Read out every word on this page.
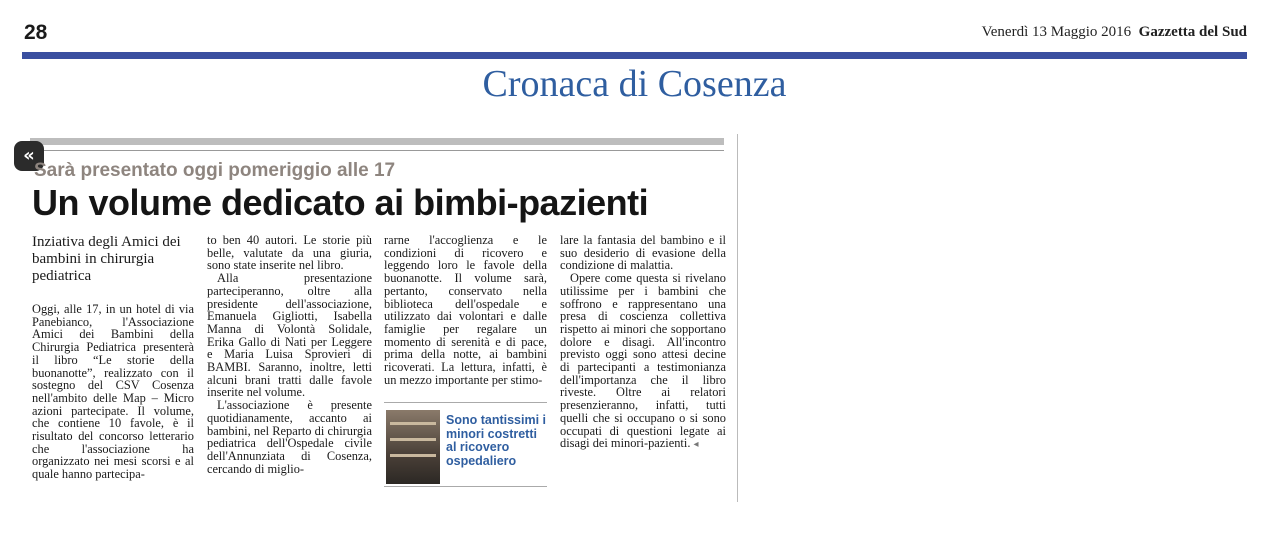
28	Venerdì 13 Maggio 2016 Gazzetta del Sud
Cronaca di Cosenza
«
Sarà presentato oggi pomeriggio alle 17
Un volume dedicato ai bimbi-pazienti
Inziativa degli Amici dei bambini in chirurgia pediatrica

Oggi, alle 17, in un hotel di via Panebianco, l'Associazione Amici dei Bambini della Chirurgia Pediatrica presenterà il libro “Le storie della buonanotte”, realizzato con il sostegno del CSV Cosenza nell'ambito delle Map – Micro azioni partecipate. Il volume, che contiene 10 favole, è il risultato del concorso letterario che l'associazione ha organizzato nei mesi scorsi e al quale hanno partecipa-

to ben 40 autori. Le storie più belle, valutate da una giuria, sono state inserite nel libro.

Alla presentazione parteciperanno, oltre alla presidente dell'associazione, Emanuela Gigliotti, Isabella Manna di Volontà Solidale, Erika Gallo di Nati per Leggere e Maria Luisa Sprovieri di BAMBI. Saranno, inoltre, letti alcuni brani tratti dalle favole inserite nel volume.

L'associazione è presente quotidianamente, accanto ai bambini, nel Reparto di chirurgia pediatrica dell'Ospedale civile dell'Annunziata di Cosenza, cercando di miglio-

rarne l'accoglienza e le condizioni di ricovero e leggendo loro le favole della buonanotte. Il volume sarà, pertanto, conservato nella biblioteca dell'ospedale e utilizzato dai volontari e dalle famiglie per regalare un momento di serenità e di pace, prima della notte, ai bambini ricoverati. La lettura, infatti, è un mezzo importante per stimo-

lare la fantasia del bambino e il suo desiderio di evasione della condizione di malattia.

Opere come questa si rivelano utilissime per i bambini che soffrono e rappresentano una presa di coscienza collettiva rispetto ai minori che sopportano dolore e disagi. All'incontro previsto oggi sono attesi decine di partecipanti a testimonianza dell'importanza che il libro riveste. Oltre ai relatori presenzieranno, infatti, tutti quelli che si occupano o si sono occupati di questioni legate ai disagi dei minori-pazienti. ◂

Sono tantissimi i minori costretti al ricovero ospedaliero
